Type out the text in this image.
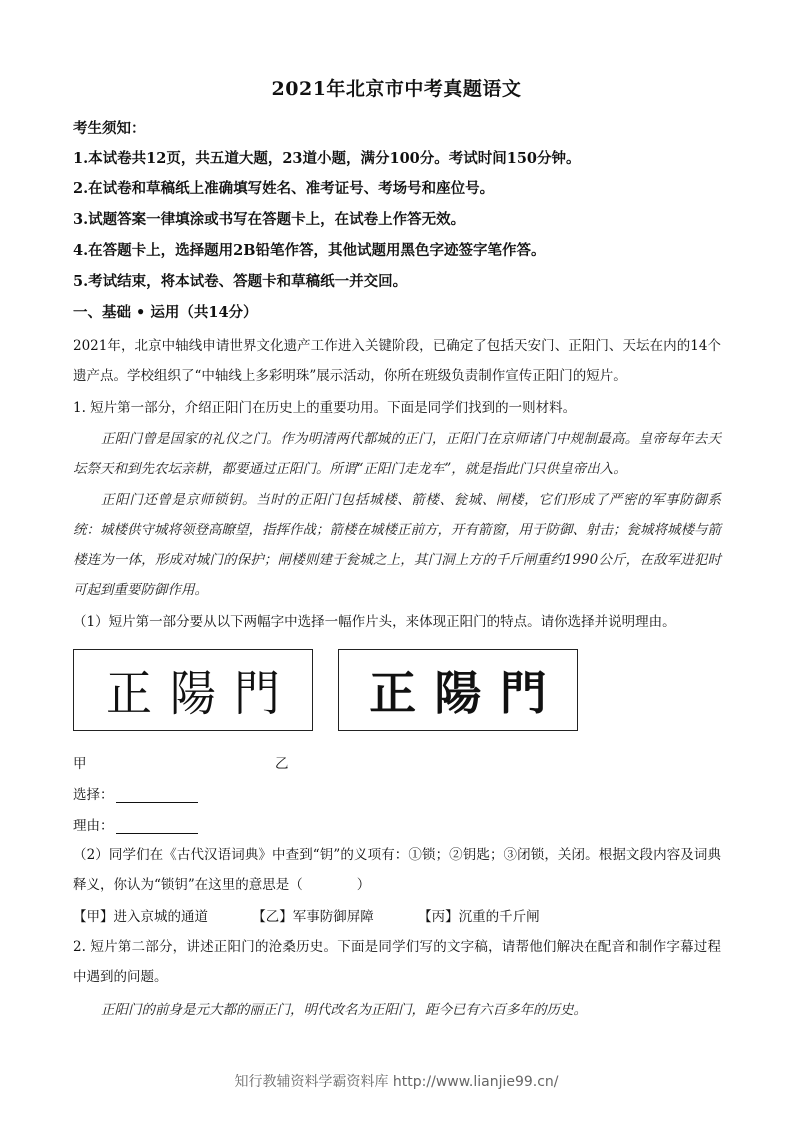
2021年北京市中考真题语文
考生须知：
1.本试卷共12页，共五道大题，23道小题，满分100分。考试时间150分钟。
2.在试卷和草稿纸上准确填写姓名、准考证号、考场号和座位号。
3.试题答案一律填涂或书写在答题卡上，在试卷上作答无效。
4.在答题卡上，选择题用2B铅笔作答，其他试题用黑色字迹签字笔作答。
5.考试结束，将本试卷、答题卡和草稿纸一并交回。
一、基础 • 运用（共14分）
2021年，北京中轴线申请世界文化遗产工作进入关键阶段，已确定了包括天安门、正阳门、天坛在内的14个遗产点。学校组织了“中轴线上多彩明珠”展示活动，你所在班级负责制作宣传正阳门的短片。
1. 短片第一部分，介绍正阳门在历史上的重要功用。下面是同学们找到的一则材料。
正阳门曾是国家的礼仪之门。作为明清两代都城的正门，正阳门在京师诸门中规制最高。皇帝每年去天坛祭天和到先农坛亲耕，都要通过正阳门。所谓“正阳门走龙车”，就是指此门只供皇帝出入。
正阳门还曾是京师锁钥。当时的正阳门包括城楼、箭楼、瓮城、闸楼，它们形成了严密的军事防御系统：城楼供守城将领登高瞭望，指挥作战；箭楼在城楼正前方，开有箭窗，用于防御、射击；瓮城将城楼与箭楼连为一体，形成对城门的保护；闸楼则建于瓮城之上，其门洞上方的千斤闸重约1990公斤，在敌军进犯时可起到重要防御作用。
（1）短片第一部分要从以下两幅字中选择一幅作片头，来体现正阳门的特点。请你选择并说明理由。
正陽門	正陽門
甲	乙
选择：
理由：
（2）同学们在《古代汉语词典》中查到“钥”的义项有：①锁；②钥匙；③闭锁，关闭。根据文段内容及词典释义，你认为“锁钥”在这里的意思是（　　　　）
【甲】进入京城的通道	【乙】军事防御屏障	【丙】沉重的千斤闸
2. 短片第二部分，讲述正阳门的沧桑历史。下面是同学们写的文字稿，请帮他们解决在配音和制作字幕过程中遇到的问题。
正阳门的前身是元大都的丽正门，明代改名为正阳门，距今已有六百多年的历史。
知行教辅资料学霸资料库 http://www.lianjie99.cn/
